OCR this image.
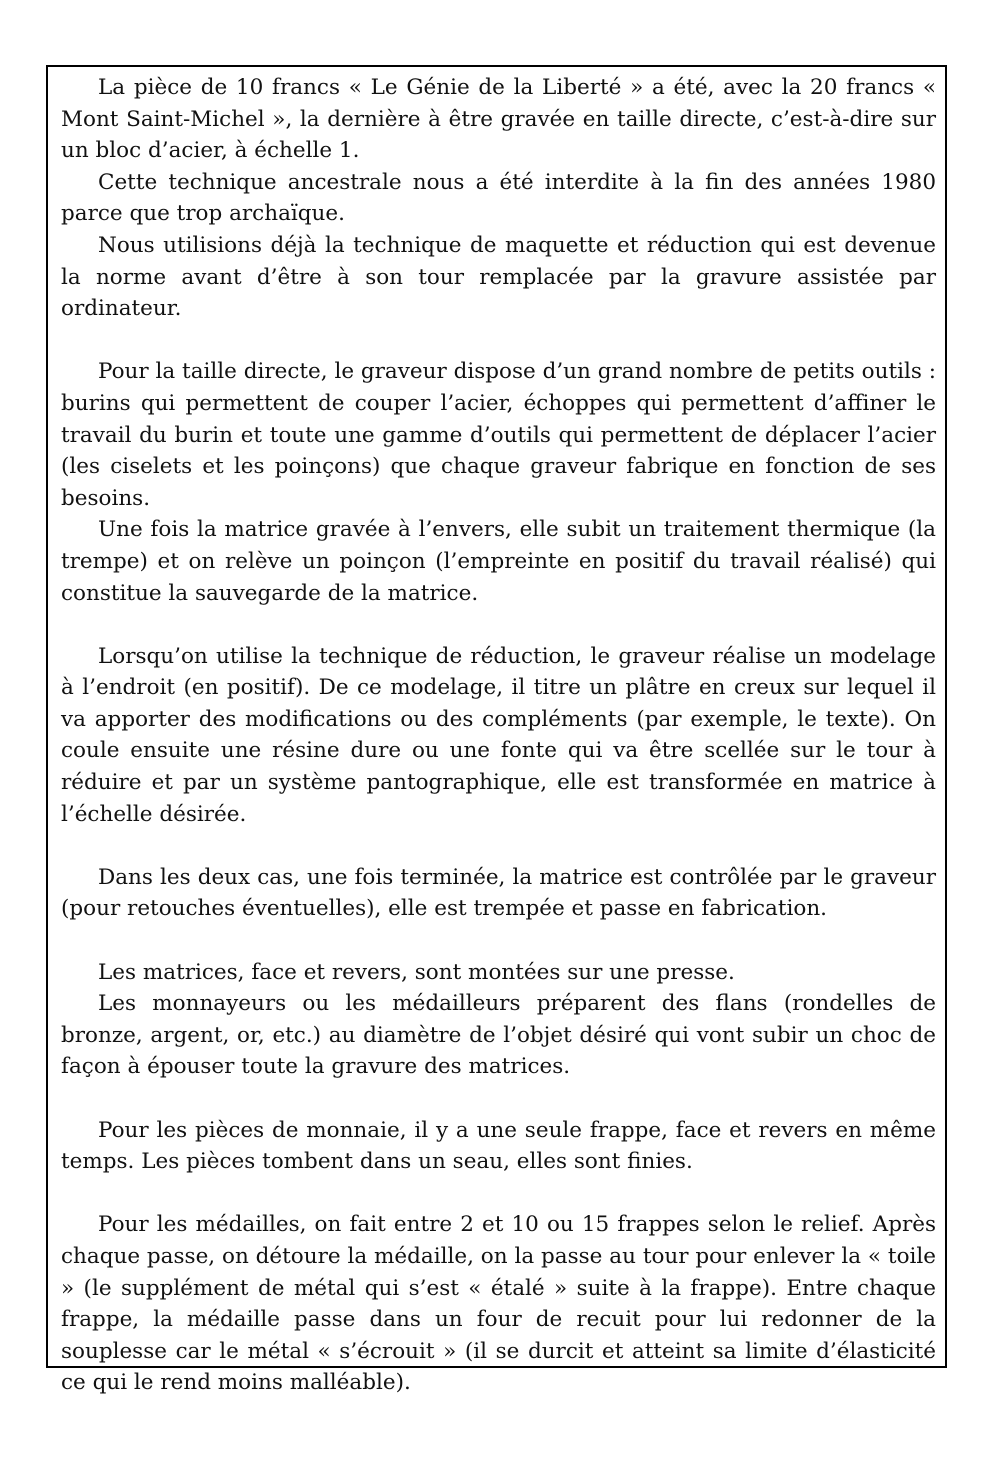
La pièce de 10 francs « Le Génie de la Liberté » a été, avec la 20 francs « Mont Saint-Michel », la dernière à être gravée en taille directe, c’est-à-dire sur un bloc d’acier, à échelle 1.

Cette technique ancestrale nous a été interdite à la fin des années 1980 parce que trop archaïque.

Nous utilisions déjà la technique de maquette et réduction qui est devenue la norme avant d’être à son tour remplacée par la gravure assistée par ordinateur.

Pour la taille directe, le graveur dispose d’un grand nombre de petits outils : burins qui permettent de couper l’acier, échoppes qui permettent d’affiner le travail du burin et toute une gamme d’outils qui permettent de déplacer l’acier (les ciselets et les poinçons) que chaque graveur fabrique en fonction de ses besoins.

Une fois la matrice gravée à l’envers, elle subit un traitement thermique (la trempe) et on relève un poinçon (l’empreinte en positif du travail réalisé) qui constitue la sauvegarde de la matrice.

Lorsqu’on utilise la technique de réduction, le graveur réalise un modelage à l’endroit (en positif). De ce modelage, il titre un plâtre en creux sur lequel il va apporter des modifications ou des compléments (par exemple, le texte). On coule ensuite une résine dure ou une fonte qui va être scellée sur le tour à réduire et par un système pantographique, elle est transformée en matrice à l’échelle désirée.

Dans les deux cas, une fois terminée, la matrice est contrôlée par le graveur (pour retouches éventuelles), elle est trempée et passe en fabrication.

Les matrices, face et revers, sont montées sur une presse.

Les monnayeurs ou les médailleurs préparent des flans (rondelles de bronze, argent, or, etc.) au diamètre de l’objet désiré qui vont subir un choc de façon à épouser toute la gravure des matrices.

Pour les pièces de monnaie, il y a une seule frappe, face et revers en même temps. Les pièces tombent dans un seau, elles sont finies.

Pour les médailles, on fait entre 2 et 10 ou 15 frappes selon le relief. Après chaque passe, on détoure la médaille, on la passe au tour pour enlever la « toile » (le supplément de métal qui s’est « étalé » suite à la frappe). Entre chaque frappe, la médaille passe dans un four de recuit pour lui redonner de la souplesse car le métal « s’écrouit » (il se durcit et atteint sa limite d’élasticité ce qui le rend moins malléable).
